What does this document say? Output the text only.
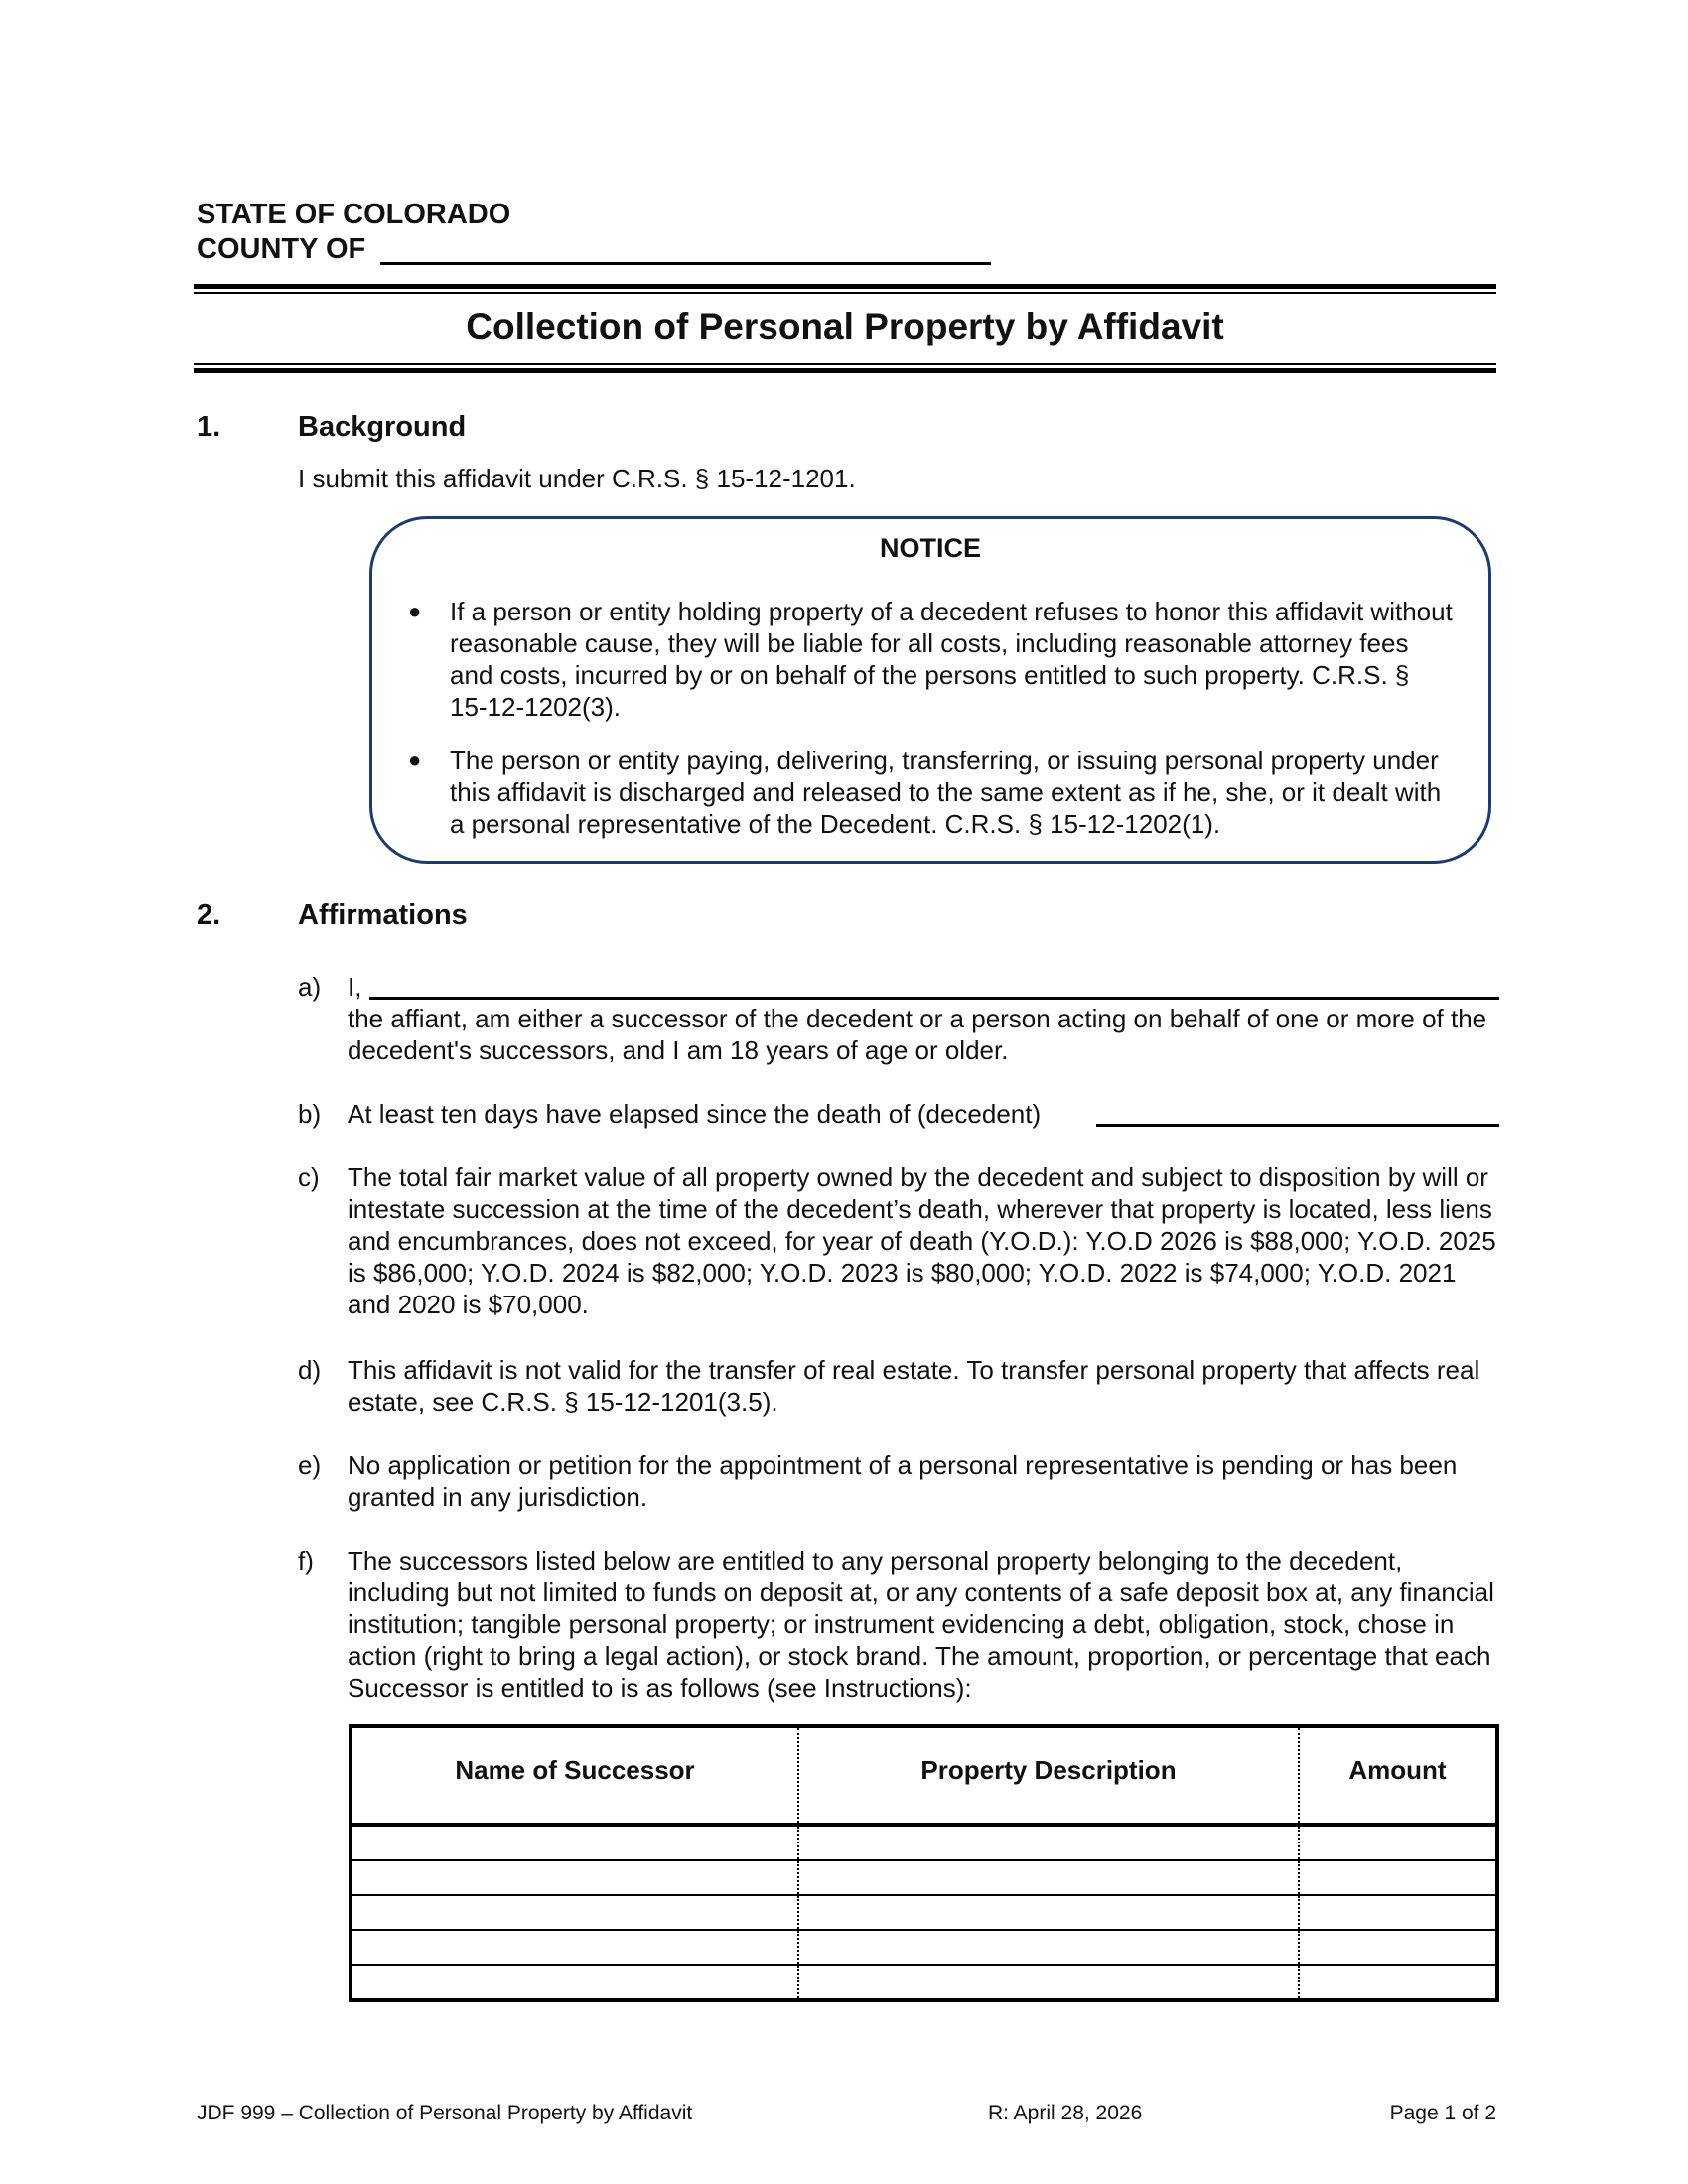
STATE OF COLORADO
COUNTY OF
Collection of Personal Property by Affidavit
1.	Background
I submit this affidavit under C.R.S. § 15-12-1201.
NOTICE
● If a person or entity holding property of a decedent refuses to honor this affidavit without reasonable cause, they will be liable for all costs, including reasonable attorney fees and costs, incurred by or on behalf of the persons entitled to such property. C.R.S. § 15-12-1202(3).
● The person or entity paying, delivering, transferring, or issuing personal property under this affidavit is discharged and released to the same extent as if he, she, or it dealt with a personal representative of the Decedent. C.R.S. § 15-12-1202(1).
2.	Affirmations
a) I,
the affiant, am either a successor of the decedent or a person acting on behalf of one or more of the decedent's successors, and I am 18 years of age or older.
b) At least ten days have elapsed since the death of (decedent)
c) The total fair market value of all property owned by the decedent and subject to disposition by will or intestate succession at the time of the decedent’s death, wherever that property is located, less liens and encumbrances, does not exceed, for year of death (Y.O.D.): Y.O.D 2026 is $88,000; Y.O.D. 2025 is $86,000; Y.O.D. 2024 is $82,000; Y.O.D. 2023 is $80,000; Y.O.D. 2022 is $74,000; Y.O.D. 2021 and 2020 is $70,000.
d) This affidavit is not valid for the transfer of real estate. To transfer personal property that affects real estate, see C.R.S. § 15-12-1201(3.5).
e) No application or petition for the appointment of a personal representative is pending or has been granted in any jurisdiction.
f) The successors listed below are entitled to any personal property belonging to the decedent, including but not limited to funds on deposit at, or any contents of a safe deposit box at, any financial institution; tangible personal property; or instrument evidencing a debt, obligation, stock, chose in action (right to bring a legal action), or stock brand. The amount, proportion, or percentage that each Successor is entitled to is as follows (see Instructions):
Name of Successor	Property Description	Amount

JDF 999 – Collection of Personal Property by Affidavit	R: April 28, 2026	Page 1 of 2
